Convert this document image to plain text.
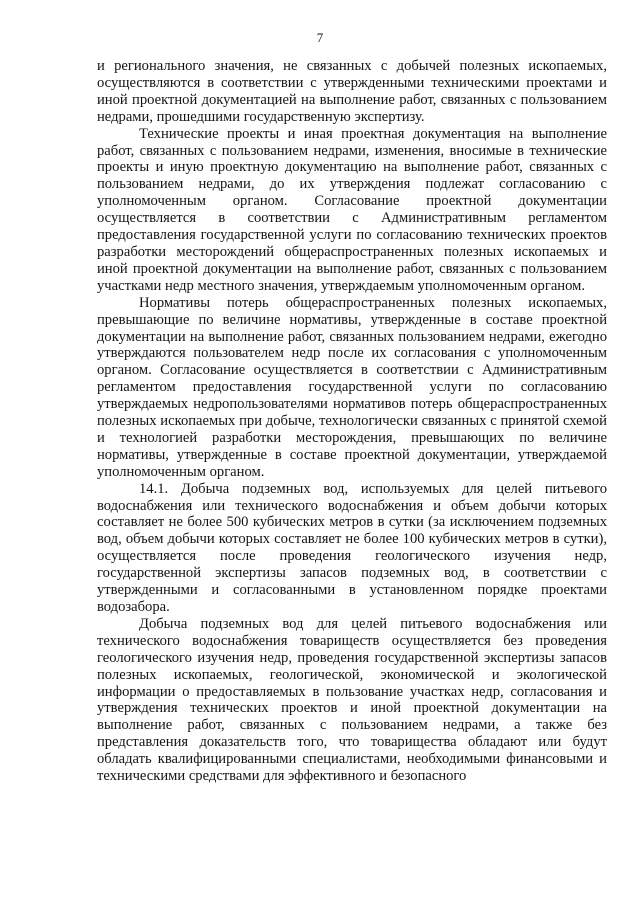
7

и регионального значения, не связанных с добычей полезных ископаемых, осуществляются в соответствии с утвержденными техническими проектами и иной проектной документацией на выполнение работ, связанных с пользованием недрами, прошедшими государственную экспертизу.

Технические проекты и иная проектная документация на выполнение работ, связанных с пользованием недрами, изменения, вносимые в технические проекты и иную проектную документацию на выполнение работ, связанных с пользованием недрами, до их утверждения подлежат согласованию с уполномоченным органом. Согласование проектной документации осуществляется в соответствии с Административным регламентом предоставления государственной услуги по согласованию технических проектов разработки месторождений общераспространенных полезных ископаемых и иной проектной документации на выполнение работ, связанных с пользованием участками недр местного значения, утверждаемым уполномоченным органом.

Нормативы потерь общераспространенных полезных ископаемых, превышающие по величине нормативы, утвержденные в составе проектной документации на выполнение работ, связанных пользованием недрами, ежегодно утверждаются пользователем недр после их согласования с уполномоченным органом. Согласование осуществляется в соответствии с Административным регламентом предоставления государственной услуги по согласованию утверждаемых недропользователями нормативов потерь общераспространенных полезных ископаемых при добыче, технологически связанных с принятой схемой и технологией разработки месторождения, превышающих по величине нормативы, утвержденные в составе проектной документации, утверждаемой уполномоченным органом.

14.1. Добыча подземных вод, используемых для целей питьевого водоснабжения или технического водоснабжения и объем добычи которых составляет не более 500 кубических метров в сутки (за исключением подземных вод, объем добычи которых составляет не более 100 кубических метров в сутки), осуществляется после проведения геологического изучения недр, государственной экспертизы запасов подземных вод, в соответствии с утвержденными и согласованными в установленном порядке проектами водозабора.

Добыча подземных вод для целей питьевого водоснабжения или технического водоснабжения товариществ осуществляется без проведения геологического изучения недр, проведения государственной экспертизы запасов полезных ископаемых, геологической, экономической и экологической информации о предоставляемых в пользование участках недр, согласования и утверждения технических проектов и иной проектной документации на выполнение работ, связанных с пользованием недрами, а также без представления доказательств того, что товарищества обладают или будут обладать квалифицированными специалистами, необходимыми финансовыми и техническими средствами для эффективного и безопасного
